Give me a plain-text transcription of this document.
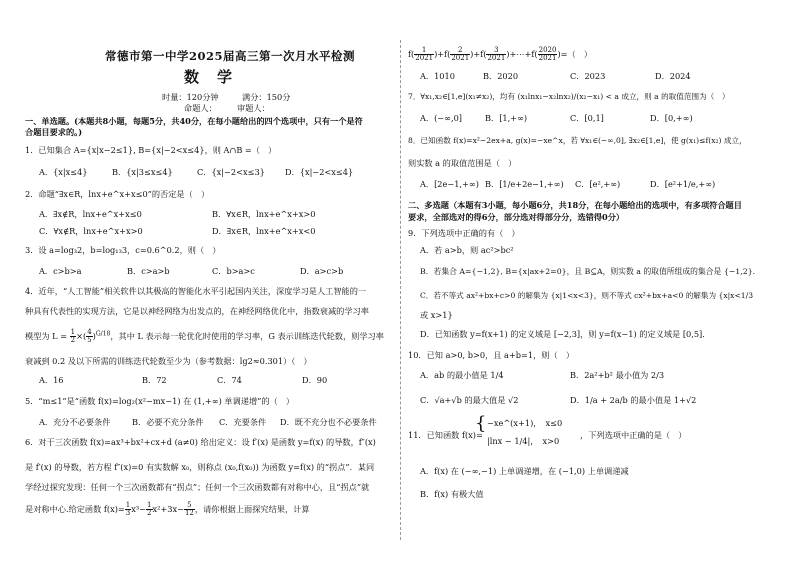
常德市第一中学2025届高三第一次月水平检测
数学
时量：120分钟	满分：150分
命题人： 审题人：
一、单选题。(本题共8小题，每题5分，共40分，在每小题给出的四个选项中，只有一个是符
合题目要求的。)
1．已知集合 A={x|x−2≤1}, B={x|−2<x≤4}，则 A∩B =（　）
A．{x|x≤4}	B．{x|3≤x≤4}	C．{x|−2<x≤3} D．{x|−2<x≤4}
2．命题“∃x∈R，lnx+e^x+x≤0”的否定是（　）
A．∃x∉R，lnx+e^x+x≤0	B．∀x∈R，lnx+e^x+x>0
C．∀x∉R，lnx+e^x+x>0	D．∃x∈R，lnx+e^x+x<0
3．设 a=log₃2，b=log₁₃3，c=0.6^0.2，则（　）
A．c>b>a	B．c>a>b	C．b>a>c	D．a>c>b
4．近年，“人工智能”相关软件以其极高的智能化水平引起国内关注，深度学习是人工智能的一
种具有代表性的实现方法，它是以神经网络为出发点的，在神经网络优化中，指数衰减的学习率
模型为 $L = \frac{1}{2}$ ×( $\frac{4}{5} )^{G/18}$，其中 L 表示每一轮优化时使用的学习率，G 表示训练迭代轮数，则学习率
衰减到 0.2 及以下所需的训练迭代轮数至少为（参考数据：lg2≈0.301）（　）
A．16	B．72	C．74	D．90
5．“m≤1”是“函数 f(x)=log₂(x²−mx−1) 在 (1,+∞) 单调递增”的（　）
A．充分不必要条件	B．必要不充分条件 C．充要条件 D．既不充分也不必要条件
6．对于三次函数 f(x)=ax³+bx²+cx+d (a≠0) 给出定义：设 f′(x) 是函数 y=f(x) 的导数，f″(x)
是 f′(x) 的导数，若方程 f″(x)=0 有实数解 x₀，则称点 (x₀,f(x₀)) 为函数 y=f(x) 的“拐点”．某同
学经过探究发现：任何一个三次函数都有“拐点”；任何一个三次函数都有对称中心，且“拐点”就
是对称中心.给定函数 $f(x)= \frac{1}{3} x^3- \frac{1}{2} x^2+3x- \frac{5}{12}$ ，请你根据上面探究结果，计算
$f( \frac{1}{2021} )+f( \frac{2}{2021} )+f( \frac{3}{2021}$ )+⋯+f( $\frac{2020}{2021}$ )=（　）
A．1010	B．2020	C．2023	D．2024
7．∀x₁,x₂∈[1,e](x₁≠x₂)，均有 (x₁lnx₁−x₂lnx₂)/(x₂−x₁) < a 成立，则 a 的取值范围为（　）
A．(−∞,0]	B．[1,+∞)	C．[0,1]	D．[0,+∞)
8．已知函数 f(x)=x²−2ex+a, g(x)=−xe^x，若 ∀x₁∈(−∞,0], ∃x₂∈[1,e]，使 g(x₁)≤f(x₂) 成立，
则实数 a 的取值范围是（　）
A．[2e−1,+∞) B．[1/e+2e−1,+∞) C．[e²,+∞)	D．[e²+1/e,+∞)
二、多选题（本题有3小题，每小题6分，共18分，在每小题给出的选项中，有多项符合题目
要求，全部选对的得6分，部分选对得部分分，选错得0分）
9．下列选项中正确的有（　）
A．若 a>b，则 ac²>bc²
B．若集合 A={−1,2}, B={x|ax+2=0}，且 B⊆A，则实数 a 的取值所组成的集合是 {−1,2}．
C．若不等式 ax²+bx+c>0 的解集为 {x|1<x<3}，则不等式 cx²+bx+a<0 的解集为 {x|x<1/3
或 x>1}
D．已知函数 y=f(x+1) 的定义域是 [−2,3]，则 y=f(x−1) 的定义域是 [0,5]．
10．已知 a>0, b>0，且 a+b=1，则（　）
A．ab 的最小值是 1/4	B．2a²+b² 最小值为 2/3
C．√a+√b 的最大值是 √2	D．1/a + 2a/b 的最小值是 1+√2
11．已知函数 f(x)=
{ −xe^(x+1)，　x≤0
|lnx − 1/4|，　x>0
，下列选项中正确的是（　）
A．f(x) 在 (−∞,−1) 上单调递增，在 (−1,0) 上单调递减
B．f(x) 有极大值
